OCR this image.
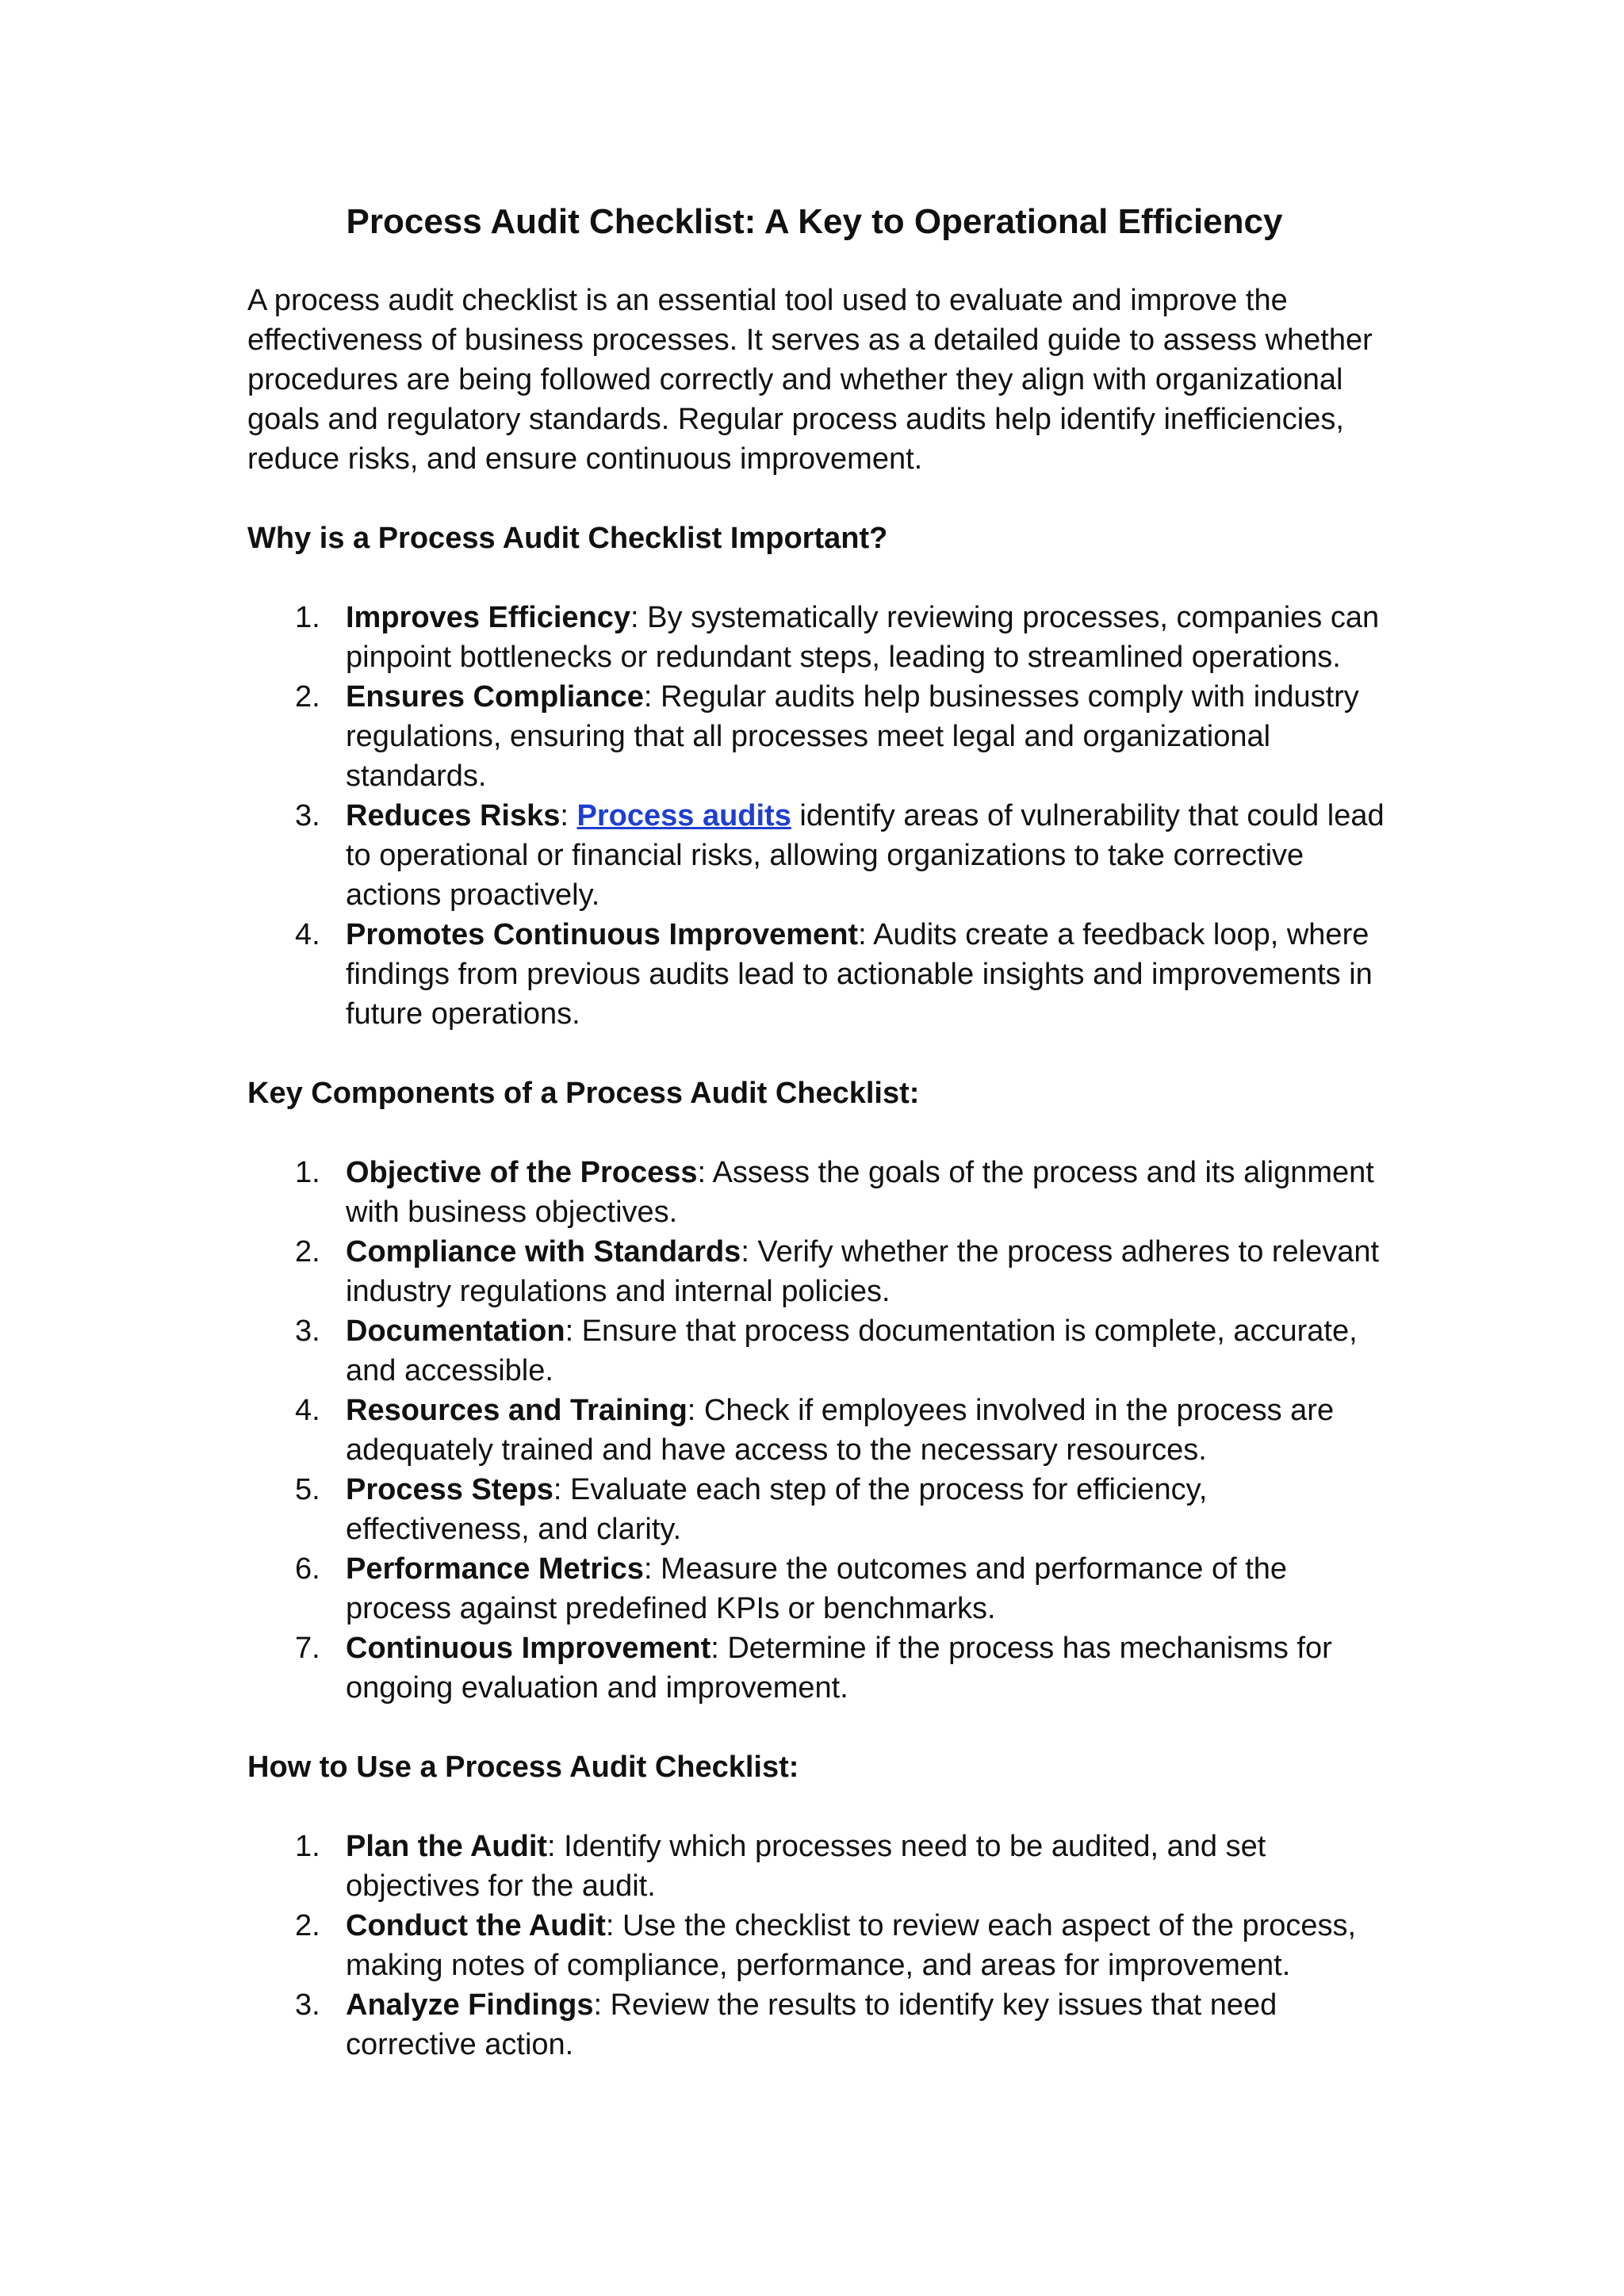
Process Audit Checklist: A Key to Operational Efficiency

A process audit checklist is an essential tool used to evaluate and improve the effectiveness of business processes. It serves as a detailed guide to assess whether procedures are being followed correctly and whether they align with organizational goals and regulatory standards. Regular process audits help identify inefficiencies, reduce risks, and ensure continuous improvement.

Why is a Process Audit Checklist Important?

1. Improves Efficiency: By systematically reviewing processes, companies can pinpoint bottlenecks or redundant steps, leading to streamlined operations.
2. Ensures Compliance: Regular audits help businesses comply with industry regulations, ensuring that all processes meet legal and organizational standards.
3. Reduces Risks: Process audits identify areas of vulnerability that could lead to operational or financial risks, allowing organizations to take corrective actions proactively.
4. Promotes Continuous Improvement: Audits create a feedback loop, where findings from previous audits lead to actionable insights and improvements in future operations.

Key Components of a Process Audit Checklist:

1. Objective of the Process: Assess the goals of the process and its alignment with business objectives.
2. Compliance with Standards: Verify whether the process adheres to relevant industry regulations and internal policies.
3. Documentation: Ensure that process documentation is complete, accurate, and accessible.
4. Resources and Training: Check if employees involved in the process are adequately trained and have access to the necessary resources.
5. Process Steps: Evaluate each step of the process for efficiency, effectiveness, and clarity.
6. Performance Metrics: Measure the outcomes and performance of the process against predefined KPIs or benchmarks.
7. Continuous Improvement: Determine if the process has mechanisms for ongoing evaluation and improvement.

How to Use a Process Audit Checklist:

1. Plan the Audit: Identify which processes need to be audited, and set objectives for the audit.
2. Conduct the Audit: Use the checklist to review each aspect of the process, making notes of compliance, performance, and areas for improvement.
3. Analyze Findings: Review the results to identify key issues that need corrective action.
